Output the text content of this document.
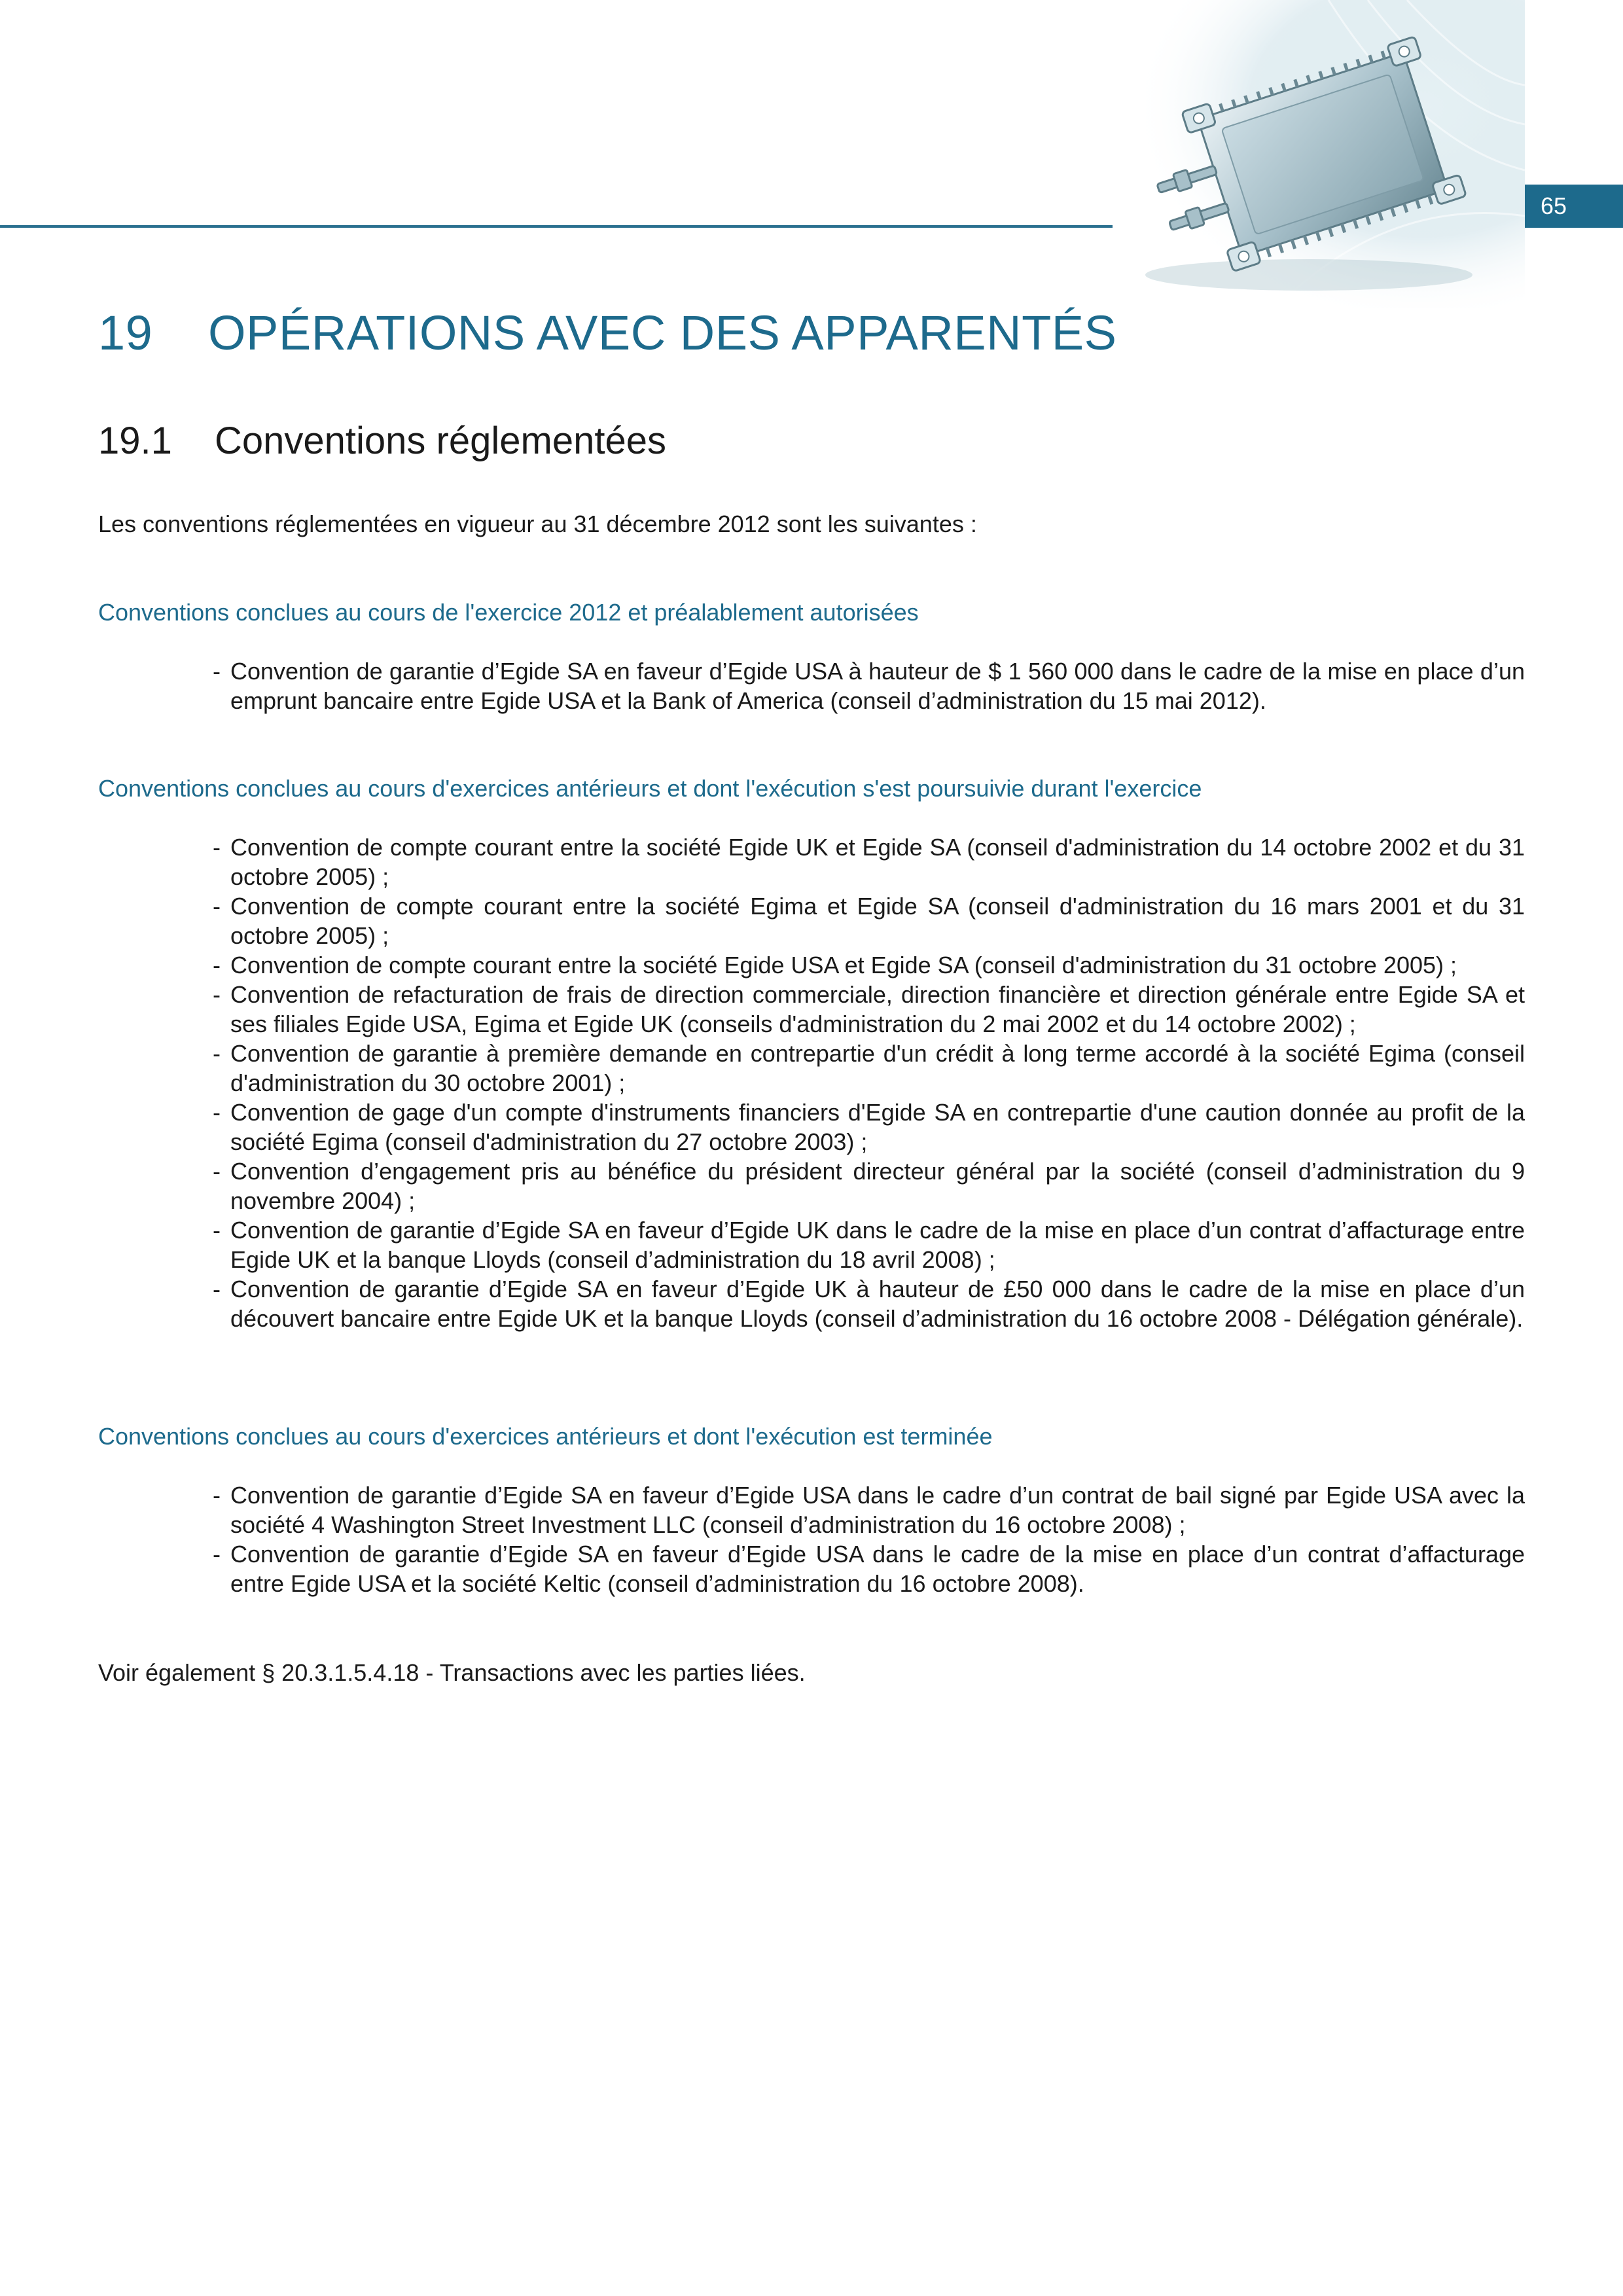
65
19 OPÉRATIONS AVEC DES APPARENTÉS
19.1 Conventions réglementées
Les conventions réglementées en vigueur au 31 décembre 2012 sont les suivantes :
Conventions conclues au cours de l'exercice 2012 et préalablement autorisées
- Convention de garantie d’Egide SA en faveur d’Egide USA à hauteur de $ 1 560 000 dans le cadre de la mise en place d’un emprunt bancaire entre Egide USA et la Bank of America (conseil d’administration du 15 mai 2012).
Conventions conclues au cours d'exercices antérieurs et dont l'exécution s'est poursuivie durant l'exercice
- Convention de compte courant entre la société Egide UK et Egide SA (conseil d'administration du 14 octobre 2002 et du 31 octobre 2005) ;
- Convention de compte courant entre la société Egima et Egide SA (conseil d'administration du 16 mars 2001 et du 31 octobre 2005) ;
- Convention de compte courant entre la société Egide USA et Egide SA (conseil d'administration du 31 octobre 2005) ;
- Convention de refacturation de frais de direction commerciale, direction financière et direction générale entre Egide SA et ses filiales Egide USA, Egima et Egide UK (conseils d'administration du 2 mai 2002 et du 14 octobre 2002) ;
- Convention de garantie à première demande en contrepartie d'un crédit à long terme accordé à la société Egima (conseil d'administration du 30 octobre 2001) ;
- Convention de gage d'un compte d'instruments financiers d'Egide SA en contrepartie d'une caution donnée au profit de la société Egima (conseil d'administration du 27 octobre 2003) ;
- Convention d’engagement pris au bénéfice du président directeur général par la société (conseil d’administration du 9 novembre 2004) ;
- Convention de garantie d’Egide SA en faveur d’Egide UK dans le cadre de la mise en place d’un contrat d’affacturage entre Egide UK et la banque Lloyds (conseil d’administration du 18 avril 2008) ;
- Convention de garantie d’Egide SA en faveur d’Egide UK à hauteur de £50 000 dans le cadre de la mise en place d’un découvert bancaire entre Egide UK et la banque Lloyds (conseil d’administration du 16 octobre 2008 - Délégation générale).
Conventions conclues au cours d'exercices antérieurs et dont l'exécution est terminée
- Convention de garantie d’Egide SA en faveur d’Egide USA dans le cadre d’un contrat de bail signé par Egide USA avec la société 4 Washington Street Investment LLC (conseil d’administration du 16 octobre 2008) ;
- Convention de garantie d’Egide SA en faveur d’Egide USA dans le cadre de la mise en place d’un contrat d’affacturage entre Egide USA et la société Keltic (conseil d’administration du 16 octobre 2008).
Voir également § 20.3.1.5.4.18 - Transactions avec les parties liées.
